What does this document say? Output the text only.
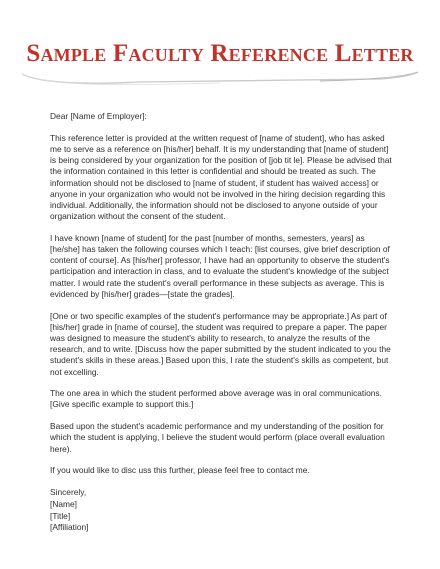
Sample Faculty Reference Letter

Dear [Name of Employer]:

This reference letter is provided at the written request of [name of student], who has asked me to serve as a reference on [his/her] behalf. It is my understanding that [name of student] is being considered by your organization for the position of [job tit le]. Please be advised that the information contained in this letter is confidential and should be treated as such. The information should not be disclosed to [name of student, if student has waived access] or anyone in your organization who would not be involved in the hiring decision regarding this individual. Additionally, the information should not be disclosed to anyone outside of your organization without the consent of the student.

I have known [name of student] for the past [number of months, semesters, years] as [he/she] has taken the following courses which I teach: [list courses, give brief description of content of course]. As [his/her] professor, I have had an opportunity to observe the student's participation and interaction in class, and to evaluate the student's knowledge of the subject matter. I would rate the student's overall performance in these subjects as average. This is evidenced by [his/her] grades—[state the grades].

[One or two specific examples of the student's performance may be appropriate.] As part of [his/her] grade in [name of course], the student was required to prepare a paper. The paper was designed to measure the student's ability to research, to analyze the results of the research, and to write. [Discuss how the paper submitted by the student indicated to you the student's skills in these areas.] Based upon this, I rate the student's skills as competent, but not excelling.

The one area in which the student performed above average was in oral communications. [Give specific example to support this.]

Based upon the student's academic performance and my understanding of the position for which the student is applying, I believe the student would perform (place overall evaluation here).

If you would like to disc uss this further, please feel free to contact me.

Sincerely,
[Name]
[Title]
[Affiliation]
